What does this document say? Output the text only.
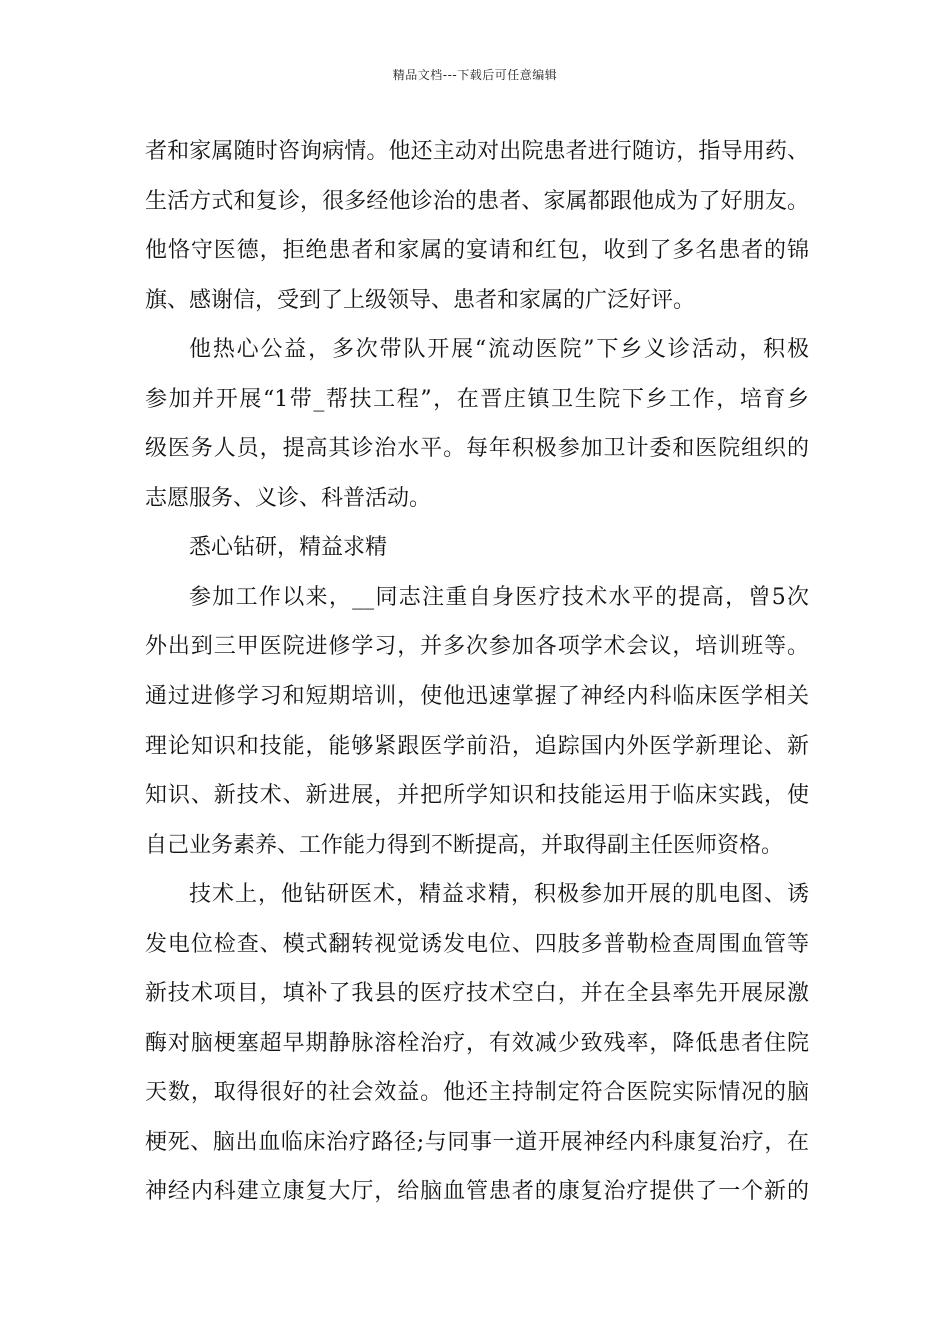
精品文档---下载后可任意编辑
者和家属随时咨询病情。他还主动对出院患者进行随访，指导用药、
生活方式和复诊，很多经他诊治的患者、家属都跟他成为了好朋友。
他恪守医德，拒绝患者和家属的宴请和红包，收到了多名患者的锦
旗、感谢信，受到了上级领导、患者和家属的广泛好评。
他热心公益，多次带队开展“流动医院”下乡义诊活动，积极
参加并开展“1带_帮扶工程”，在晋庄镇卫生院下乡工作，培育乡
级医务人员，提高其诊治水平。每年积极参加卫计委和医院组织的
志愿服务、义诊、科普活动。
悉心钻研，精益求精
参加工作以来，__同志注重自身医疗技术水平的提高，曾5次
外出到三甲医院进修学习，并多次参加各项学术会议，培训班等。
通过进修学习和短期培训，使他迅速掌握了神经内科临床医学相关
理论知识和技能，能够紧跟医学前沿，追踪国内外医学新理论、新
知识、新技术、新进展，并把所学知识和技能运用于临床实践，使
自己业务素养、工作能力得到不断提高，并取得副主任医师资格。
技术上，他钻研医术，精益求精，积极参加开展的肌电图、诱
发电位检查、模式翻转视觉诱发电位、四肢多普勒检查周围血管等
新技术项目，填补了我县的医疗技术空白，并在全县率先开展尿激
酶对脑梗塞超早期静脉溶栓治疗，有效减少致残率，降低患者住院
天数，取得很好的社会效益。他还主持制定符合医院实际情况的脑
梗死、脑出血临床治疗路径;与同事一道开展神经内科康复治疗，在
神经内科建立康复大厅，给脑血管患者的康复治疗提供了一个新的
